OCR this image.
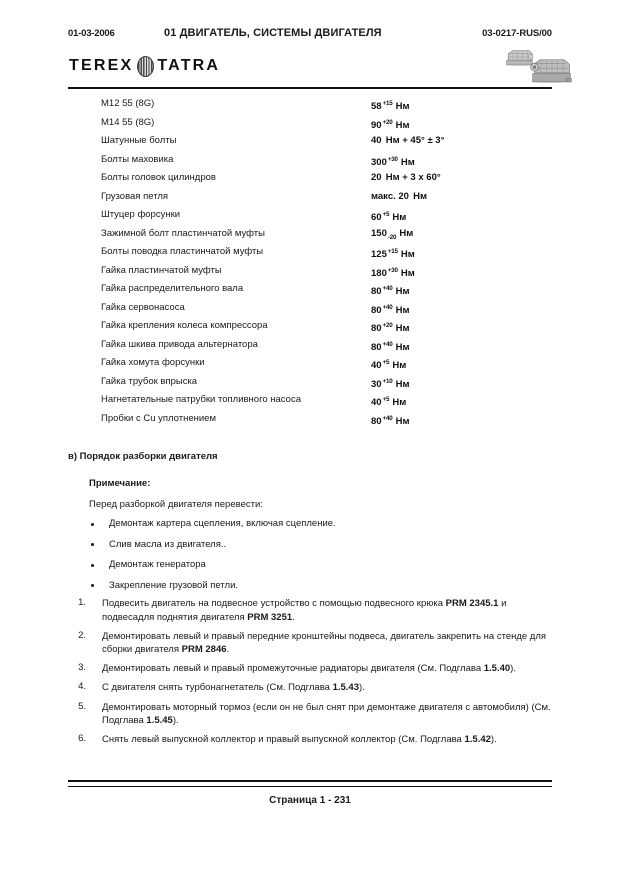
01-03-2006	01 ДВИГАТЕЛЬ, СИСТЕМЫ ДВИГАТЕЛЯ	03-0217-RUS/00
TEREX TATRA
М12 55 (8G)	$58^{+15}$ Нм
М14 55 (8G)	$90^{+20}$ Нм
Шатунные болты	40 Нм + 45° ± 3°
Болты маховика	$300^{+30}$ Нм
Болты головок цилиндров	20 Нм + 3 x 60°
Грузовая петля	макс. 20 Нм
Штуцер форсунки	$60^{+5}$ Нм
Зажимной болт пластинчатой муфты	$150_{-20}$ Нм
Болты поводка пластинчатой муфты	$125^{+15}$ Нм
Гайка пластинчатой муфты	$180^{+30}$ Нм
Гайка распределительного вала	$80^{+40}$ Нм
Гайка сервонасоса	$80^{+40}$ Нм
Гайка крепления колеса компрессора	$80^{+20}$ Нм
Гайка шкива привода альтернатора	$80^{+40}$ Нм
Гайка хомута форсунки	$40^{+5}$ Нм
Гайка трубок впрыска	$30^{+10}$ Нм
Нагнетательные патрубки топливного насоса	$40^{+5}$ Нм
Пробки с Cu уплотнением	$80^{+40}$ Нм
в) Порядок разборки двигателя
Примечание:
Перед разборкой двигателя перевести:
Демонтаж картера сцепления, включая сцепление.
Слив масла из двигателя..
Демонтаж генератора
Закрепление грузовой петли.
1. Подвесить двигатель на подвесное устройство с помощью подвесного крюка PRM 2345.1 и подвесадля поднятия двигателя PRM 3251.
2. Демонтировать левый и правый передние кронштейны подвеса, двигатель закрепить на стенде для сборки двигателя PRM 2846.
3. Демонтировать левый и правый промежуточные радиаторы двигателя (См. Подглава 1.5.40).
4. С двигателя снять турбонагнетатель (См. Подглава 1.5.43).
5. Демонтировать моторный тормоз (если он не был снят при демонтаже двигателя с автомобиля) (См. Подглава 1.5.45).
6. Снять левый выпускной коллектор и правый выпускной коллектор (См. Подглава 1.5.42).
Страница 1 - 231
